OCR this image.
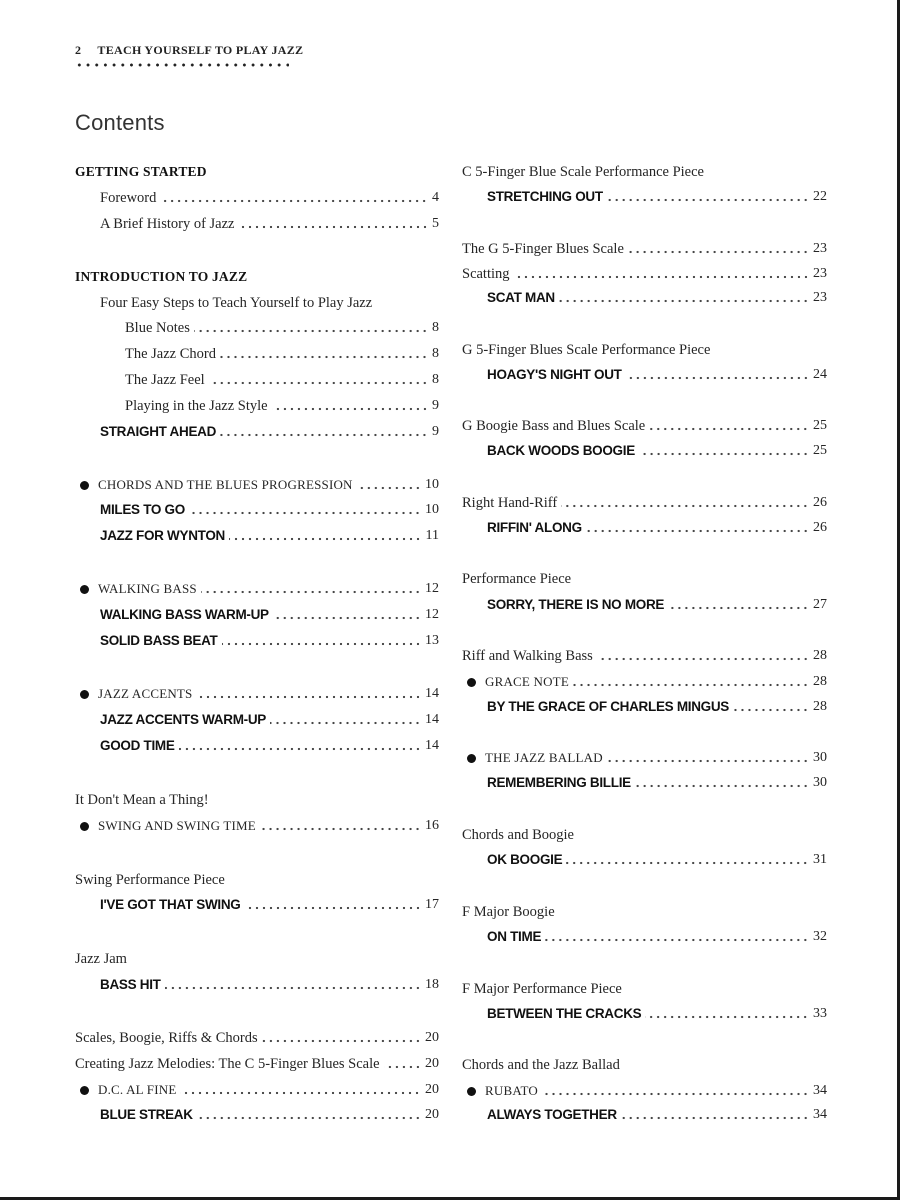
2 TEACH YOURSELF TO PLAY JAZZ
Contents
GETTING STARTED
Foreword	4
A Brief History of Jazz	5
INTRODUCTION TO JAZZ
Four Easy Steps to Teach Yourself to Play Jazz
Blue Notes	8
The Jazz Chord	8
The Jazz Feel	8
Playing in the Jazz Style	9
STRAIGHT AHEAD	9
CHORDS AND THE BLUES PROGRESSION	10
MILES TO GO	10
JAZZ FOR WYNTON	11
WALKING BASS	12
WALKING BASS WARM-UP	12
SOLID BASS BEAT	13
JAZZ ACCENTS	14
JAZZ ACCENTS WARM-UP	14
GOOD TIME	14
It Don't Mean a Thing!
SWING AND SWING TIME	16
Swing Performance Piece
I'VE GOT THAT SWING	17
Jazz Jam
BASS HIT	18
Scales, Boogie, Riffs & Chords	20
Creating Jazz Melodies: The C 5-Finger Blues Scale	20
D.C. AL FINE	20
BLUE STREAK	20
C 5-Finger Blue Scale Performance Piece
STRETCHING OUT	22
The G 5-Finger Blues Scale	23
Scatting	23
SCAT MAN	23
G 5-Finger Blues Scale Performance Piece
HOAGY'S NIGHT OUT	24
G Boogie Bass and Blues Scale	25
BACK WOODS BOOGIE	25
Right Hand-Riff	26
RIFFIN' ALONG	26
Performance Piece
SORRY, THERE IS NO MORE	27
Riff and Walking Bass	28
GRACE NOTE	28
BY THE GRACE OF CHARLES MINGUS	28
THE JAZZ BALLAD	30
REMEMBERING BILLIE	30
Chords and Boogie
OK BOOGIE	31
F Major Boogie
ON TIME	32
F Major Performance Piece
BETWEEN THE CRACKS	33
Chords and the Jazz Ballad
RUBATO	34
ALWAYS TOGETHER	34
